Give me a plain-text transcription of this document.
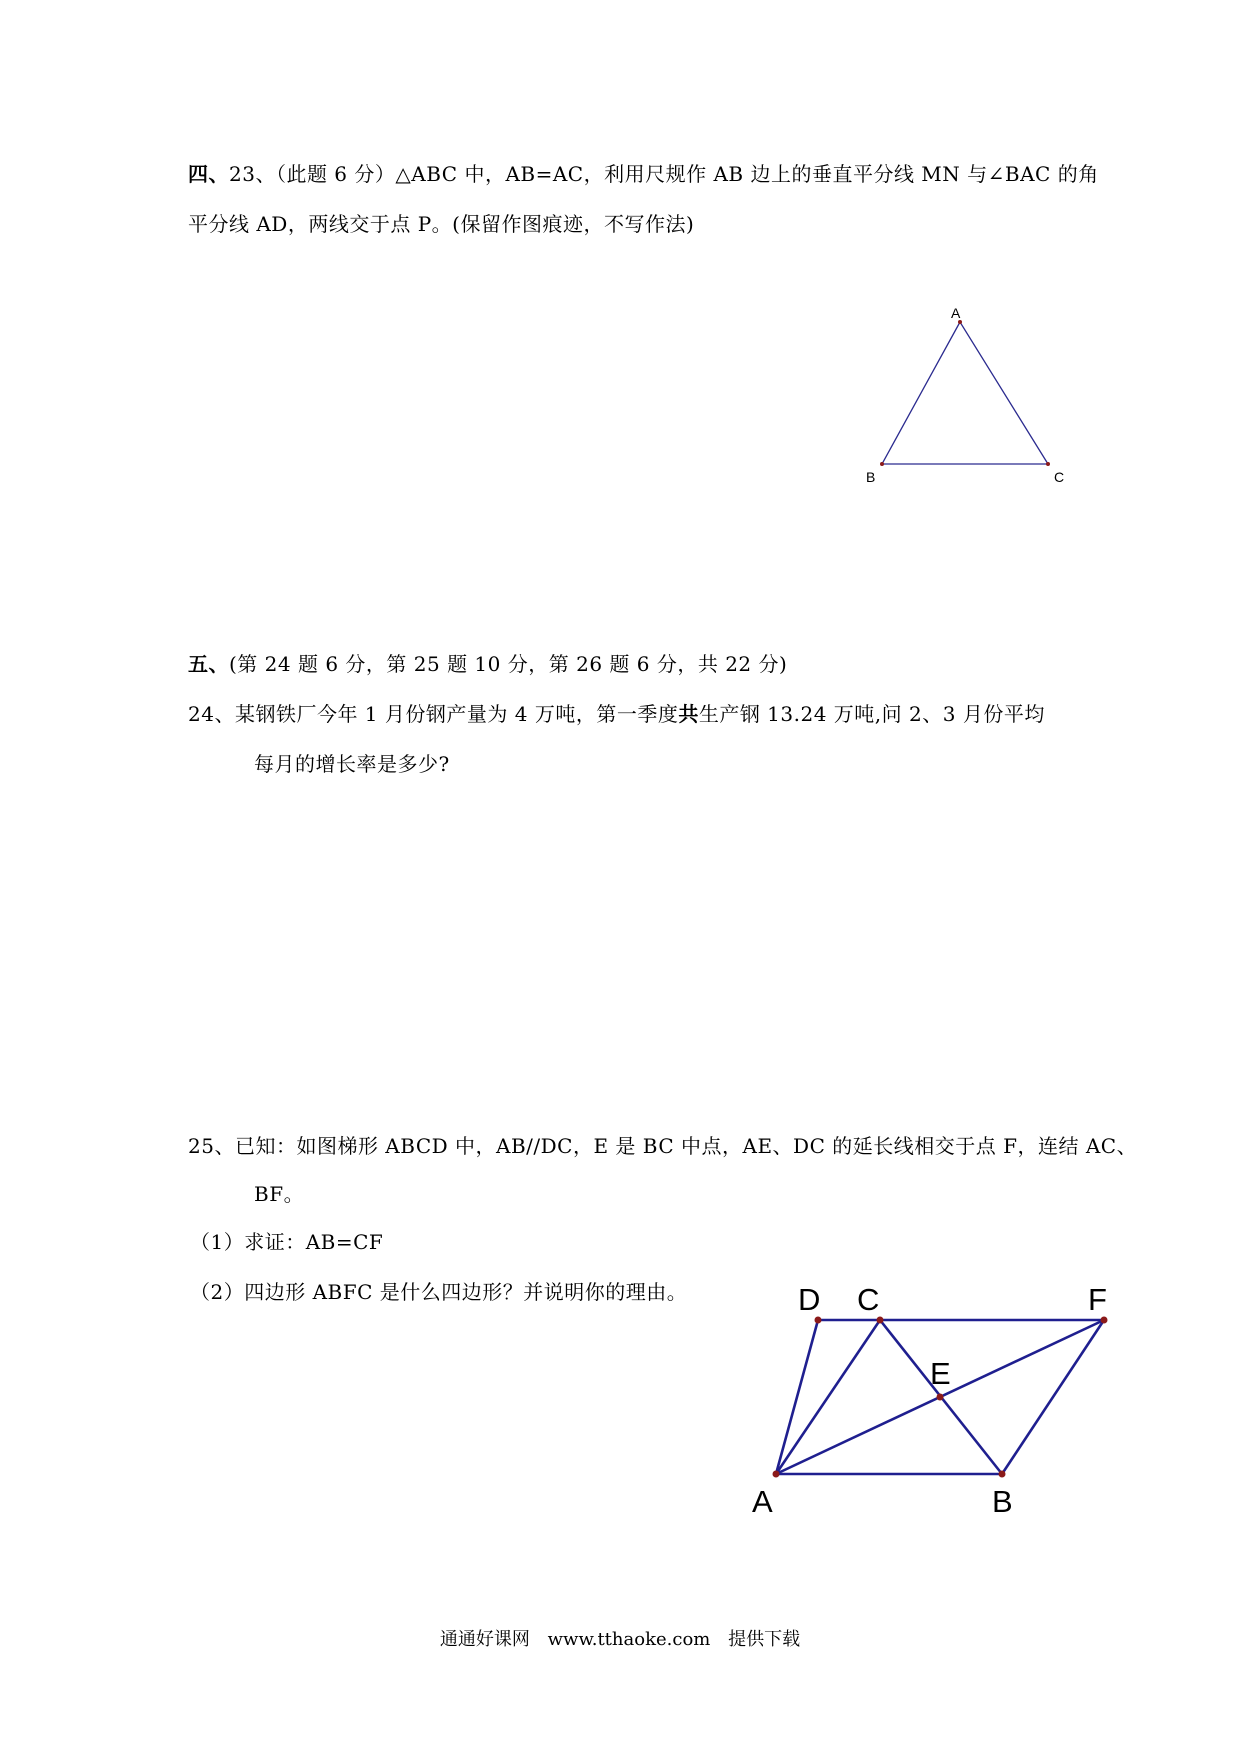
四、23、（此题 6 分）△ABC 中，AB=AC，利用尺规作 AB 边上的垂直平分线 MN 与∠BAC 的角
平分线 AD，两线交于点 P。(保留作图痕迹，不写作法)
A
B	C
五、(第 24 题 6 分，第 25 题 10 分，第 26 题 6 分，共 22 分)
24、某钢铁厂今年 1 月份钢产量为 4 万吨，第一季度共生产钢 13.24 万吨,问 2、3 月份平均
每月的增长率是多少?
25、已知：如图梯形 ABCD 中，AB//DC，E 是 BC 中点，AE、DC 的延长线相交于点 F，连结 AC、
BF。
（1）求证：AB=CF
（2）四边形 ABFC 是什么四边形？并说明你的理由。	D C	F
E
A	B
通通好课网 www.tthaoke.com 提供下载
